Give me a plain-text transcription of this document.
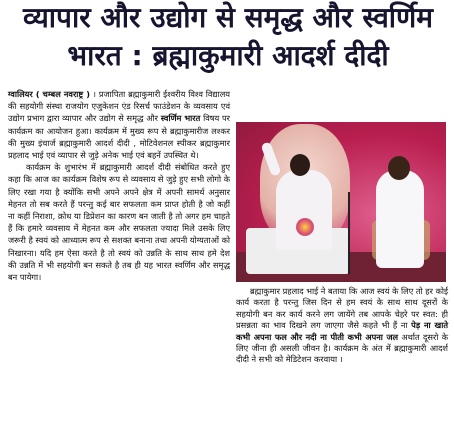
व्यापार और उद्योग से समृद्ध और स्वर्णिम
भारत : ब्रह्माकुमारी आदर्श दीदी

ग्वालियर ( चम्बल नवराष्ट्र ) । प्रजापिता ब्रह्माकुमारी ईश्वरीय विश्व विद्यालय की सहयोगी संस्था राजयोग एजुकेशन एंड रिसर्च फाउंडेशन के व्यवसाय एवं उद्योग प्रभाग द्वारा व्यापार और उद्योग से समृद्ध और स्वर्णिम भारत विषय पर कार्यक्रम का आयोजन हुआ। कार्यक्रम में मुख्य रूप से ब्रह्माकुमारीज लश्कर की मुख्य इंचार्ज ब्रह्माकुमारी आदर्श दीदी , मोटिवेशनल स्पीकर ब्रह्माकुमार प्रहलाद भाई एवं व्यापार से जुड़े अनेक भाई एवं बहनें उपस्थित थे।

कार्यक्रम के शुभारंभ में ब्रह्माकुमारी आदर्श दीदी संबोधित करते हुए कहा कि आज का कार्यक्रम विशेष रूप से व्यवसाय से जुड़े हुए सभी लोगो के लिए रखा गया है क्योंकि सभी अपने अपने क्षेत्र में अपनी सामर्थ अनुसार मेहनत तो सब करते हैं परन्तु कई बार सफलता कम प्राप्त होती है जो कहीं ना कहीं निराशा, क्रोध या डिप्रेशन का कारण बन जाती है तो अगर हम चाहते हैं कि हमारे व्यवसाय में मेहनत कम और सफलता ज्यादा मिले उसके लिए जरूरी है स्वयं को आध्यात्म रूप से सशक्त बनाना तथा अपनी योग्यताओं को निखारना। यदि हम ऐसा करते है तो स्वयं को उन्नति के साथ साथ हमे देश की उन्नति में भी सहयोगी बन सकते है तब ही यह भारत स्वर्णिम और समृद्ध बन पायेगा।

ब्रह्माकुमार प्रहलाद भाई ने बताया कि आज स्वयं के लिए तो हर कोई कार्य करता है परन्तु जिस दिन से हम स्वयं के साथ साथ दूसरों के सहयोगी बन कर कार्य करने लग जायेंगे तब आपके चेहरे पर स्वत: ही प्रसन्नता का भाव दिखने लग जाएगा जैसे कहते भी हैं ना पेड़ ना खाते कभी अपना फल और नदी ना पीती कभी अपना जल अर्थात दूसरो के लिए जीना ही असली जीवन है। कार्यक्रम के अंत में ब्रह्माकुमारी आदर्श दीदी ने सभी को मेडिटेशन करवाया ।
